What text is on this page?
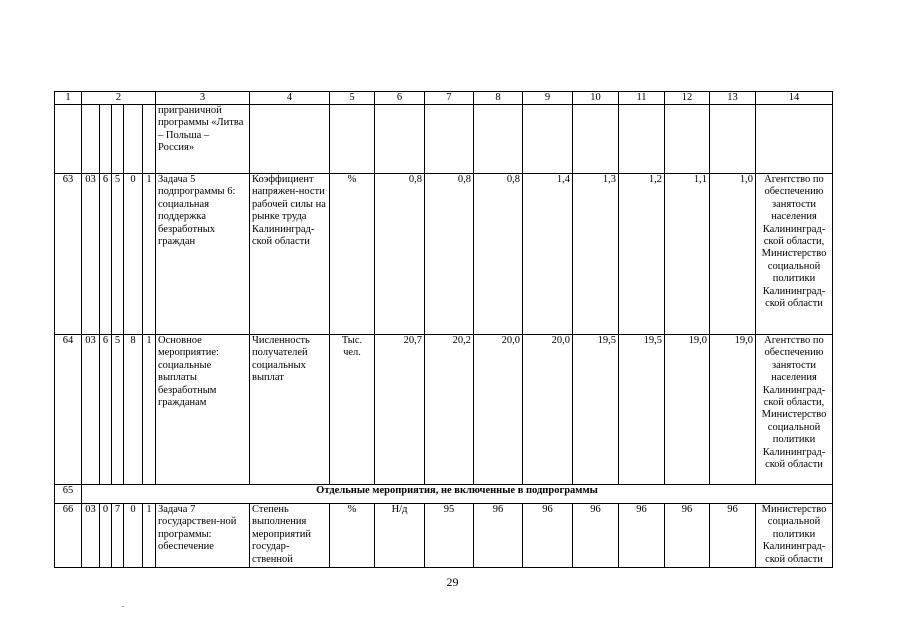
1	2					3	4	5	6	7	8	9	10	11	12	13	14
						приграничной программы «Литва – Польша – Россия»											
63	03	6	5	0	1	Задача 5 подпрограммы 6: социальная поддержка безработных граждан	Коэффициент напряжен-ности рабочей силы на рынке труда Калининградской области	%	0,8	0,8	0,8	1,4	1,3	1,2	1,1	1,0	Агентство по обеспечению занятости населения Калининград-ской области, Министерство социальной политики Калининград-ской области
64	03	6	5	8	1	Основное мероприятие: социальные выплаты безработным гражданам	Численность получателей социальных выплат	Тыс. чел.	20,7	20,2	20,0	20,0	19,5	19,5	19,0	19,0	Агентство по обеспечению занятости населения Калининград-ской области, Министерство социальной политики Калининград-ской области
65	Отдельные мероприятия, не включенные в подпрограммы																
66	03	0	7	0	1	Задача 7 государствен-ной программы: обеспечение	Степень выполнения мероприятий государ-ственной	%	Н/д	95	96	96	96	96	96	96	Министерство социальной политики Калининград-ской области
29
